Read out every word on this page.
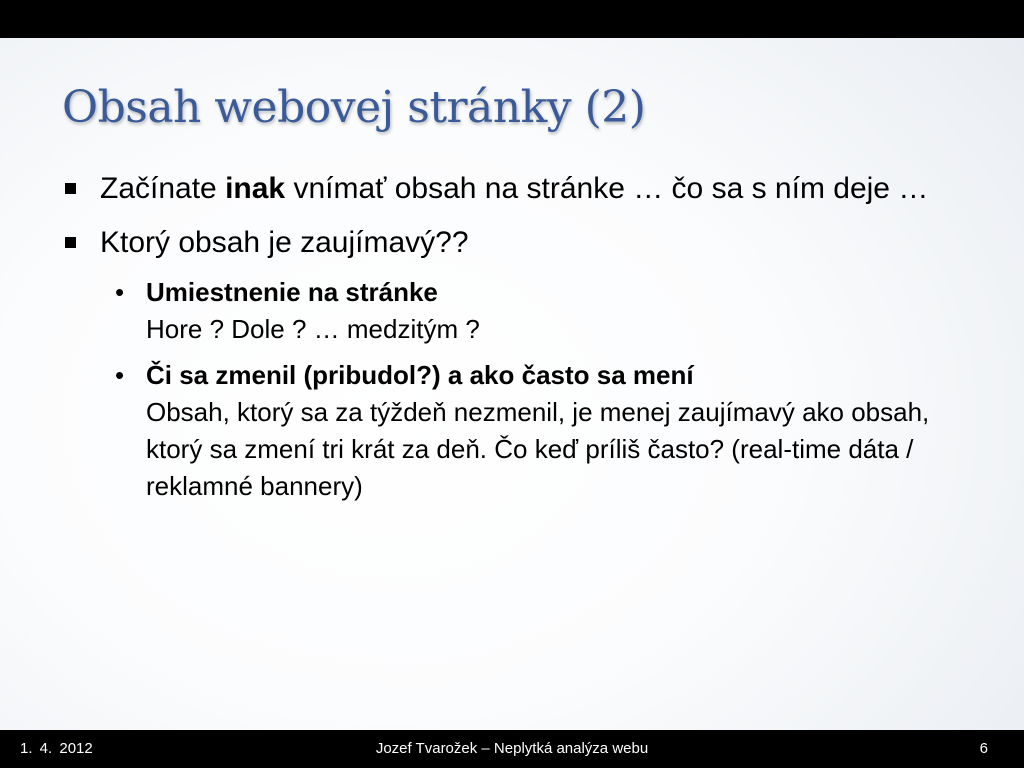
Obsah webovej stránky (2)
Začínate inak vnímať obsah na stránke … čo sa s ním deje …
Ktorý obsah je zaujímavý??
• Umiestnenie na stránke
Hore ? Dole ? … medzitým ?
• Či sa zmenil (pribudol?) a ako často sa mení
Obsah, ktorý sa za týždeň nezmenil, je menej zaujímavý ako obsah, ktorý sa zmení tri krát za deň. Čo keď príliš často? (real-time dáta / reklamné bannery)
1. 4. 2012	Jozef Tvarožek – Neplytká analýza webu	6
